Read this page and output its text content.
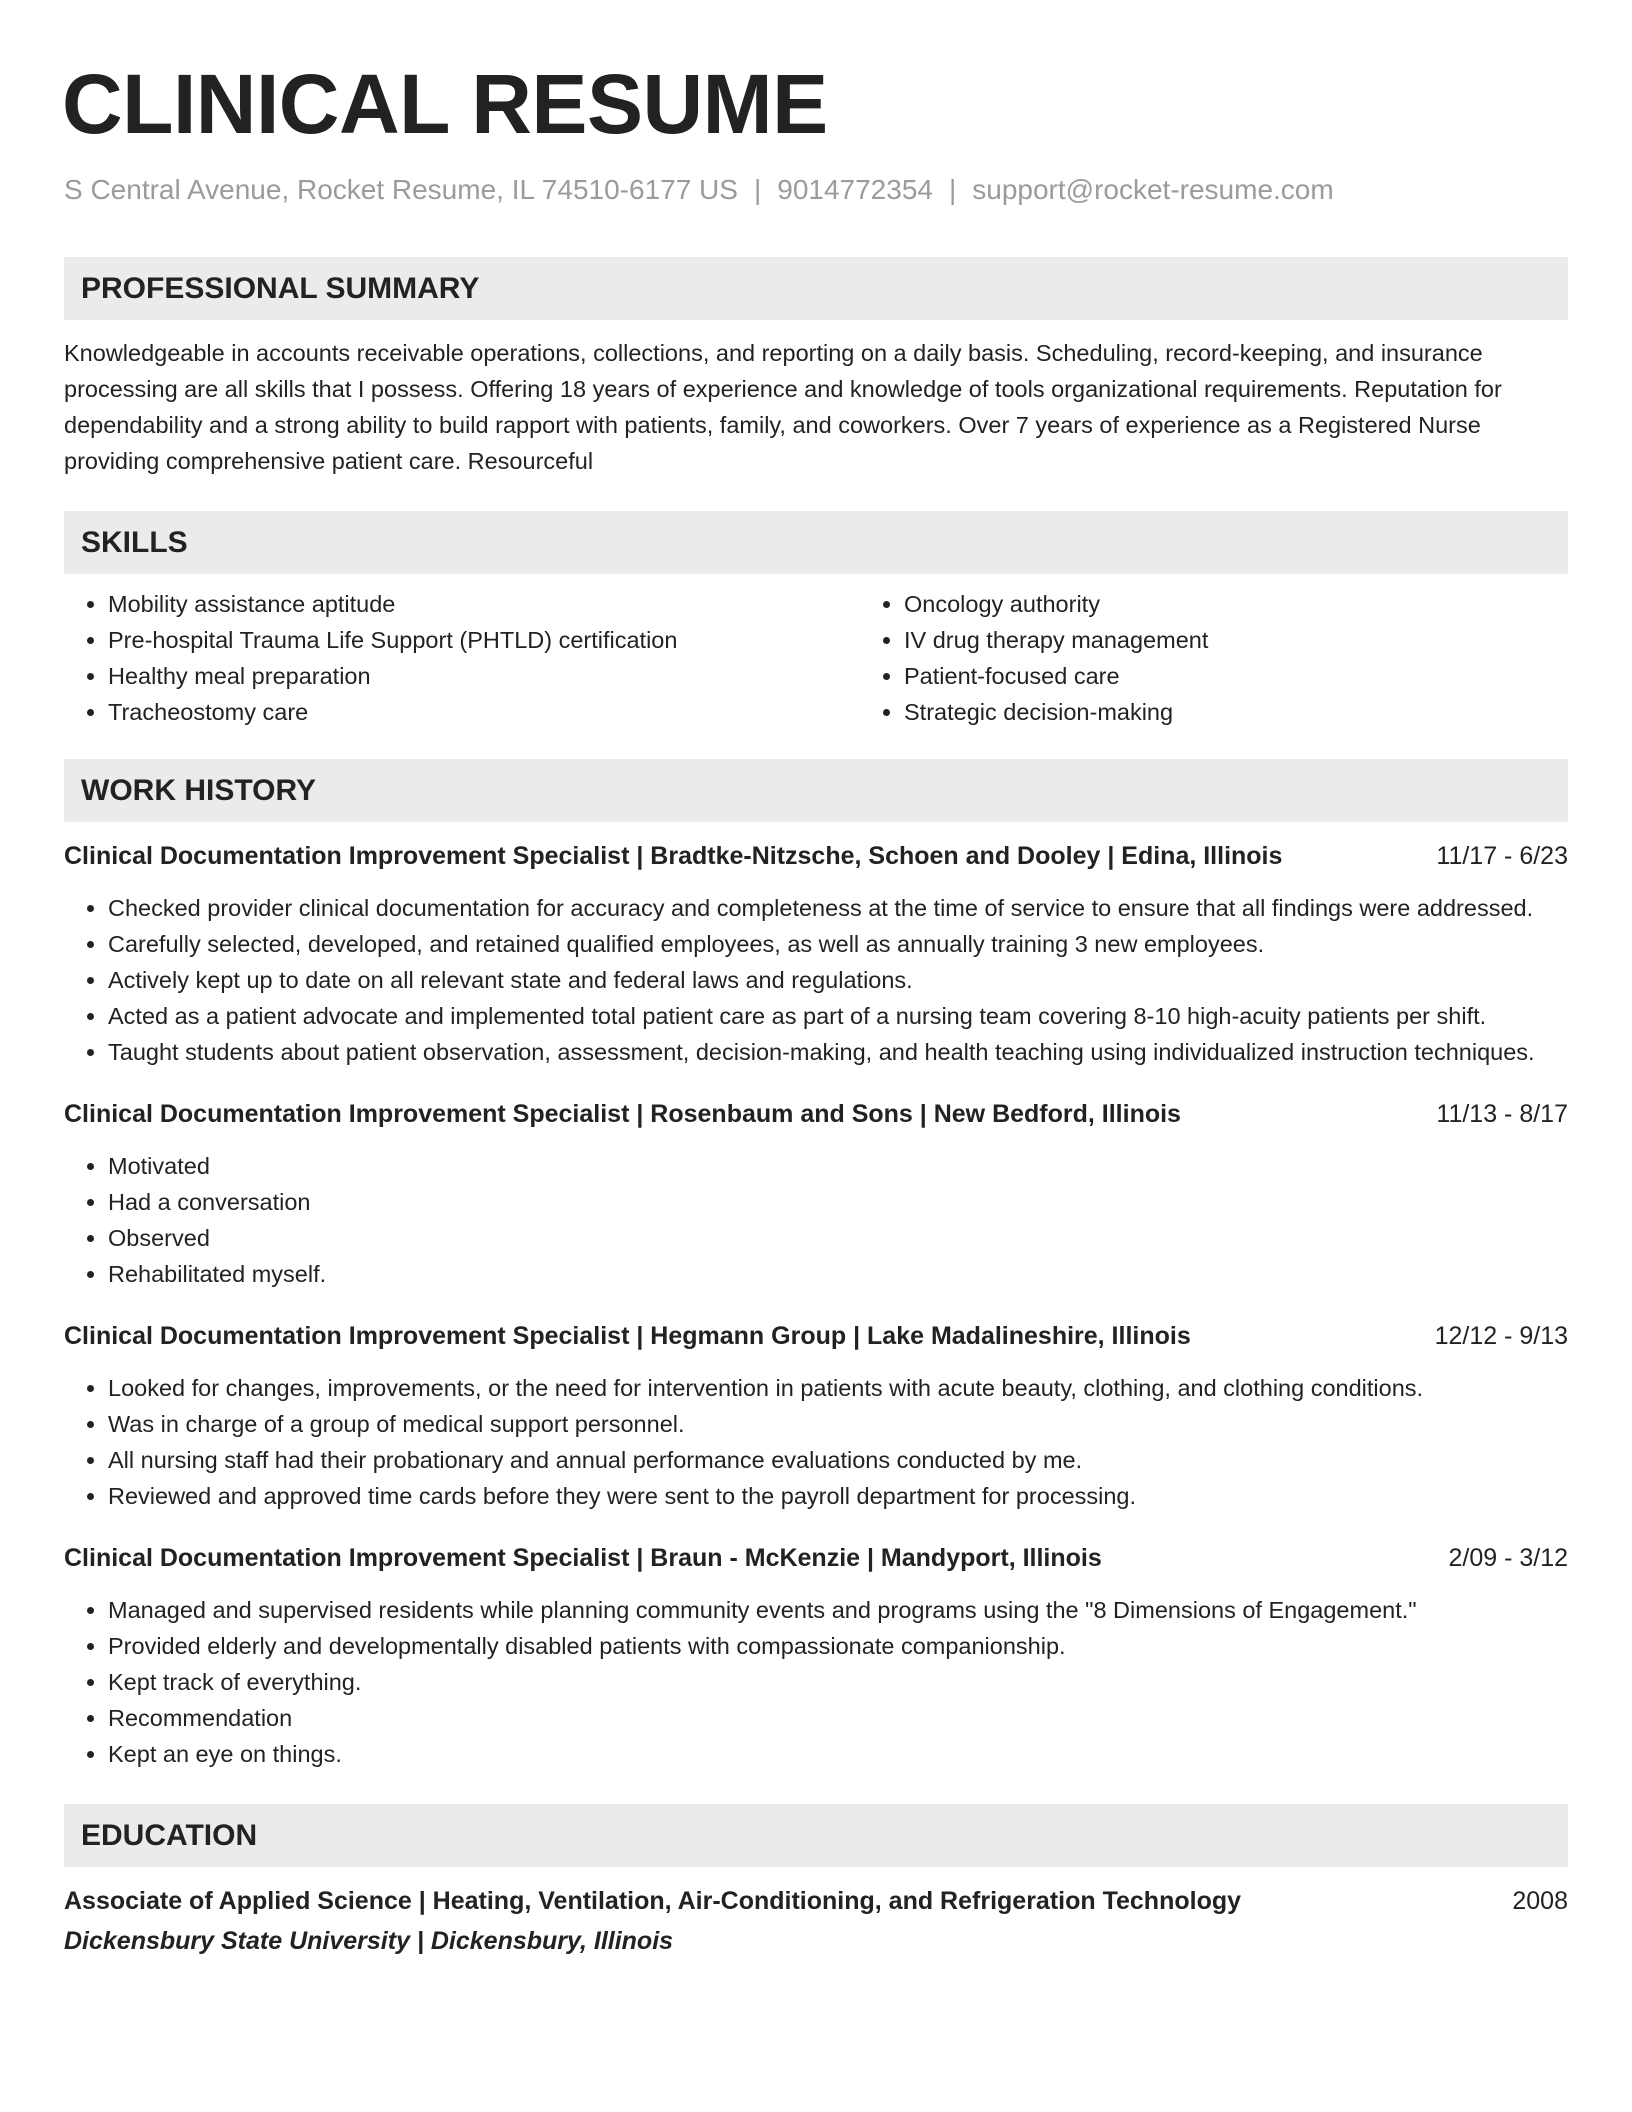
CLINICAL RESUME
S Central Avenue, Rocket Resume, IL 74510-6177 US | 9014772354 | support@rocket-resume.com
PROFESSIONAL SUMMARY

Knowledgeable in accounts receivable operations, collections, and reporting on a daily basis. Scheduling, record-keeping, and insurance processing are all skills that I possess. Offering 18 years of experience and knowledge of tools organizational requirements. Reputation for dependability and a strong ability to build rapport with patients, family, and coworkers. Over 7 years of experience as a Registered Nurse providing comprehensive patient care. Resourceful

SKILLS
• Mobility assistance aptitude
• Pre-hospital Trauma Life Support (PHTLD) certification
• Healthy meal preparation
• Tracheostomy care
• Oncology authority
• IV drug therapy management
• Patient-focused care
• Strategic decision-making
WORK HISTORY
Clinical Documentation Improvement Specialist | Bradtke-Nitzsche, Schoen and Dooley | Edina, Illinois	11/17 - 6/23
• Checked provider clinical documentation for accuracy and completeness at the time of service to ensure that all findings were addressed.
• Carefully selected, developed, and retained qualified employees, as well as annually training 3 new employees.
• Actively kept up to date on all relevant state and federal laws and regulations.
• Acted as a patient advocate and implemented total patient care as part of a nursing team covering 8-10 high-acuity patients per shift.
• Taught students about patient observation, assessment, decision-making, and health teaching using individualized instruction techniques.
Clinical Documentation Improvement Specialist | Rosenbaum and Sons | New Bedford, Illinois	11/13 - 8/17
• Motivated
• Had a conversation
• Observed
• Rehabilitated myself.
Clinical Documentation Improvement Specialist | Hegmann Group | Lake Madalineshire, Illinois	12/12 - 9/13
• Looked for changes, improvements, or the need for intervention in patients with acute beauty, clothing, and clothing conditions.
• Was in charge of a group of medical support personnel.
• All nursing staff had their probationary and annual performance evaluations conducted by me.
• Reviewed and approved time cards before they were sent to the payroll department for processing.
Clinical Documentation Improvement Specialist | Braun - McKenzie | Mandyport, Illinois	2/09 - 3/12
• Managed and supervised residents while planning community events and programs using the "8 Dimensions of Engagement."
• Provided elderly and developmentally disabled patients with compassionate companionship.
• Kept track of everything.
• Recommendation
• Kept an eye on things.
EDUCATION
Associate of Applied Science | Heating, Ventilation, Air-Conditioning, and Refrigeration Technology	2008
Dickensbury State University | Dickensbury, Illinois
